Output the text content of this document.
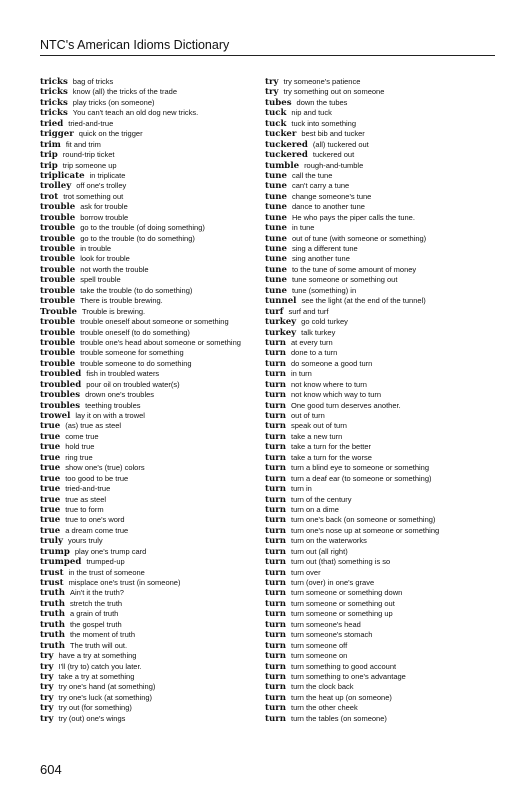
NTC's American Idioms Dictionary
tricks bag of tricks
tricks know (all) the tricks of the trade
tricks play tricks (on someone)
tricks You can't teach an old dog new tricks.
tried tried-and-true
trigger quick on the trigger
trim fit and trim
trip round-trip ticket
trip trip someone up
triplicate in triplicate
trolley off one's trolley
trot trot something out
trouble ask for trouble
trouble borrow trouble
trouble go to the trouble (of doing something)
trouble go to the trouble (to do something)
trouble in trouble
trouble look for trouble
trouble not worth the trouble
trouble spell trouble
trouble take the trouble (to do something)
trouble There is trouble brewing.
Trouble Trouble is brewing.
trouble trouble oneself about someone or something
trouble trouble oneself (to do something)
trouble trouble one's head about someone or something
trouble trouble someone for something
trouble trouble someone to do something
troubled fish in troubled waters
troubled pour oil on troubled water(s)
troubles drown one's troubles
troubles teething troubles
trowel lay it on with a trowel
true (as) true as steel
true come true
true hold true
true ring true
true show one's (true) colors
true too good to be true
true tried-and-true
true true as steel
true true to form
true true to one's word
true a dream come true
truly yours truly
trump play one's trump card
trumped trumped-up
trust in the trust of someone
trust misplace one's trust (in someone)
truth Ain't it the truth?
truth stretch the truth
truth a grain of truth
truth the gospel truth
truth the moment of truth
truth The truth will out.
try have a try at something
try I'll (try to) catch you later.
try take a try at something
try try one's hand (at something)
try try one's luck (at something)
try try out (for something)
try try (out) one's wings
try try someone's patience
try try something out on someone
tubes down the tubes
tuck nip and tuck
tuck tuck into something
tucker best bib and tucker
tuckered (all) tuckered out
tuckered tuckered out
tumble rough-and-tumble
tune call the tune
tune can't carry a tune
tune change someone's tune
tune dance to another tune
tune He who pays the piper calls the tune.
tune in tune
tune out of tune (with someone or something)
tune sing a different tune
tune sing another tune
tune to the tune of some amount of money
tune tune someone or something out
tune tune (something) in
tunnel see the light (at the end of the tunnel)
turf surf and turf
turkey go cold turkey
turkey talk turkey
turn at every turn
turn done to a turn
turn do someone a good turn
turn in turn
turn not know where to turn
turn not know which way to turn
turn One good turn deserves another.
turn out of turn
turn speak out of turn
turn take a new turn
turn take a turn for the better
turn take a turn for the worse
turn turn a blind eye to someone or something
turn turn a deaf ear (to someone or something)
turn turn in
turn turn of the century
turn turn on a dime
turn turn one's back (on someone or something)
turn turn one's nose up at someone or something
turn turn on the waterworks
turn turn out (all right)
turn turn out (that) something is so
turn turn over
turn turn (over) in one's grave
turn turn someone or something down
turn turn someone or something out
turn turn someone or something up
turn turn someone's head
turn turn someone's stomach
turn turn someone off
turn turn someone on
turn turn something to good account
turn turn something to one's advantage
turn turn the clock back
turn turn the heat up (on someone)
turn turn the other cheek
turn turn the tables (on someone)
604
